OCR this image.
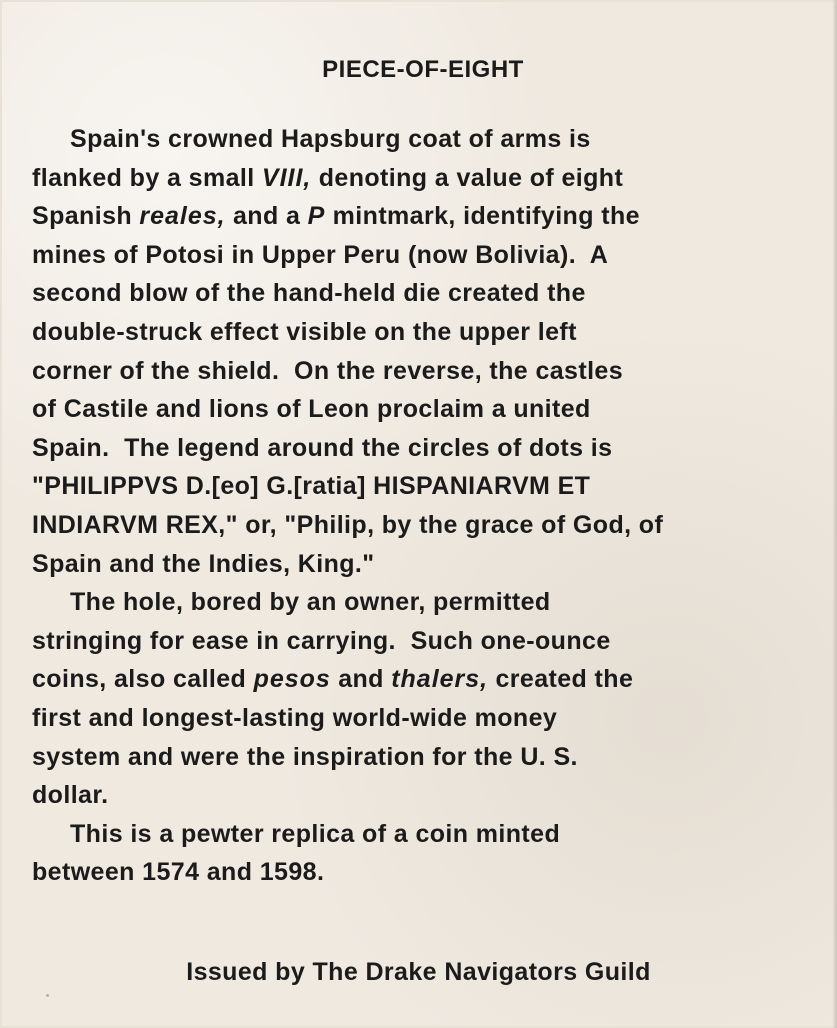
PIECE-OF-EIGHT
Spain's crowned Hapsburg coat of arms is
flanked by a small VIII, denoting a value of eight
Spanish reales, and a P mintmark, identifying the
mines of Potosi in Upper Peru (now Bolivia).  A
second blow of the hand-held die created the
double-struck effect visible on the upper left
corner of the shield.  On the reverse, the castles
of Castile and lions of Leon proclaim a united
Spain.  The legend around the circles of dots is
"PHILIPPVS D.[eo] G.[ratia] HISPANIARVM ET
INDIARVM REX," or, "Philip, by the grace of God, of
Spain and the Indies, King."
The hole, bored by an owner, permitted
stringing for ease in carrying.  Such one-ounce
coins, also called pesos and thalers, created the
first and longest-lasting world-wide money
system and were the inspiration for the U. S.
dollar.
This is a pewter replica of a coin minted
between 1574 and 1598.
Issued by The Drake Navigators Guild
